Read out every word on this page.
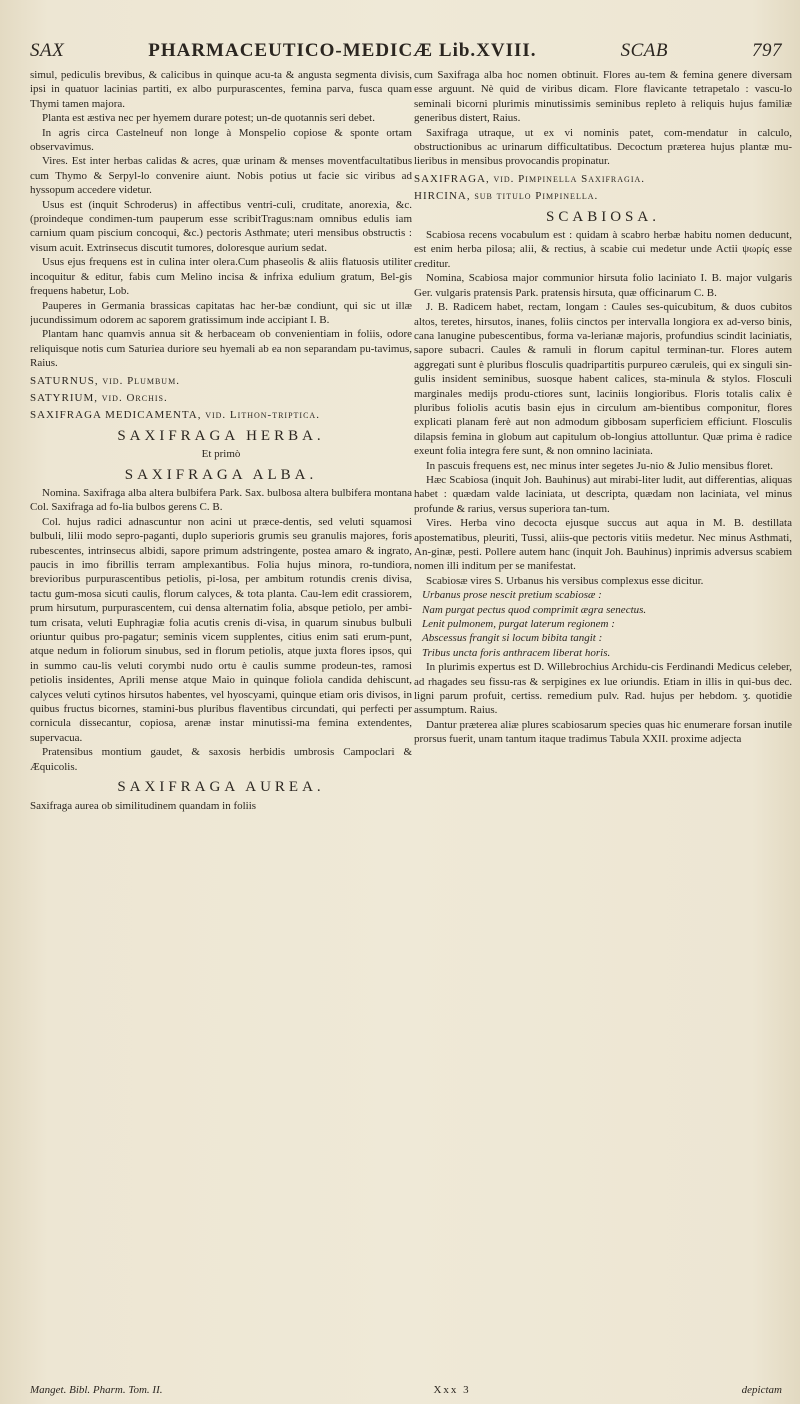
SAX	PHARMACEUTICO-MEDICÆ Lib.XVIII.	SCAB	797

simul, pediculis brevibus, & calicibus in quinque acu-ta & angusta segmenta divisis, ipsi in quatuor lacinias partiti, ex albo purpurascentes, femina parva, fusca quam Thymi tamen majora.

Planta est æstiva nec per hyemem durare potest; un-de quotannis seri debet.

In agris circa Castelneuf non longe à Monspelio copiose & sponte ortam observavimus.

Vires. Est inter herbas calidas & acres, quæ urinam & menses moventfacultatibus cum Thymo & Serpyl-lo convenire aiunt. Nobis potius ut facie sic viribus ad hyssopum accedere videtur.

Usus est (inquit Schroderus) in affectibus ventri-culi, cruditate, anorexia, &c. (proindeque condimen-tum pauperum esse scribitTragus:nam omnibus edulis iam carnium quam piscium concoqui, &c.) pectoris Asthmate; uteri mensibus obstructis : visum acuit. Extrinsecus discutit tumores, doloresque aurium sedat.

Usus ejus frequens est in culina inter olera.Cum phaseolis & aliis flatuosis utiliter incoquitur & editur, fabis cum Melino incisa & infrixa edulium gratum, Bel-gis frequens habetur, Lob.

Pauperes in Germania brassicas capitatas hac her-bæ condiunt, qui sic ut illæ jucundissimum odorem ac saporem gratissimum inde accipiant I. B.

Plantam hanc quamvis annua sit & herbaceam ob convenientiam in foliis, odore reliquisque notis cum Saturiea duriore seu hyemali ab ea non separandam pu-tavimus, Raius.

SATURNUS, vid. Plumbum.

SATYRIUM, vid. Orchis.

SAXIFRAGA MEDICAMENTA, vid. Lithon-triptica.

SAXIFRAGA HERBA.

Et primò

SAXIFRAGA ALBA.

Nomina. Saxifraga alba altera bulbifera Park. Sax. bulbosa altera bulbifera montana Col. Saxifraga ad fo-lia bulbos gerens C. B.

Col. hujus radici adnascuntur non acini ut præce-dentis, sed veluti squamosi bulbuli, lilii modo sepro-paganti, duplo superioris grumis seu granulis majores, foris rubescentes, intrinsecus albidi, sapore primum adstringente, postea amaro & ingrato, paucis in imo fibrillis terram amplexantibus. Folia hujus minora, ro-tundiora, brevioribus purpurascentibus petiolis, pi-losa, per ambitum rotundis crenis divisa, tactu gum-mosa sicuti caulis, florum calyces, & tota planta. Cau-lem edit crassiorem, prum hirsutum, purpurascentem, cui densa alternatim folia, absque petiolo, per ambi-tum crisata, veluti Euphragiæ folia acutis crenis di-visa, in quarum sinubus bulbuli oriuntur quibus pro-pagatur; seminis vicem supplentes, citius enim sati erum-punt, atque nedum in foliorum sinubus, sed in florum petiolis, atque juxta flores ipsos, qui in summo cau-lis veluti corymbi nudo ortu è caulis summe prodeun-tes, ramosi petiolis insidentes, Aprili mense atque Maio in quinque foliola candida dehiscunt, calyces veluti cytinos hirsutos habentes, vel hyoscyami, quinque etiam oris divisos, in quibus fructus bicornes, stamini-bus pluribus flaventibus circundati, qui perfecti per corniculа dissecantur, copiosa, arenæ instar minutissi-ma femina extendentes, supervacua.

Pratensibus montium gaudet, & saxosis herbidis umbrosis Campoclari & Æquicolis.

SAXIFRAGA AUREA.

Saxifraga aurea ob similitudinem quandam in foliis

cum Saxifraga alba hoc nomen obtinuit. Flores au-tem & femina genere diversam esse arguunt. Nè quid de viribus dicam. Flore flavicante tetrapetalo : vascu-lo seminali bicorni plurimis minutissimis seminibus repleto à reliquis hujus familiæ generibus distert, Raius.

Saxifraga utraque, ut ex vi nominis patet, com-mendatur in calculo, obstructionibus ac urinarum difficultatibus. Decoctum præterea hujus plantæ mu-lieribus in mensibus provocandis propinatur.

SAXIFRAGA, vid. Pimpinella Saxifragia.

HIRCINA, sub titulo Pimpinella.

SCABIOSA.

Scabiosa recens vocabulum est : quidam à scabro herbæ habitu nomen deducunt, est enim herba pilosa; alii, & rectius, à scabie cui medetur unde Actii ψωρίς esse creditur.

Nomina, Scabiosa major communior hirsuta folio laciniato I. B. major vulgaris Ger. vulgaris pratensis Park. pratensis hirsuta, quæ officinarum C. B.

J. B. Radicem habet, rectam, longam : Caules ses-quicubitum, & duos cubitos altos, teretes, hirsutos, inanes, foliis cinctos per intervalla longiora ex ad-verso binis, cana lanugine pubescentibus, forma va-lerianæ majoris, profundius scindit laciniatis, sapore subacri. Caules & ramuli in florum capitul terminan-tur. Flores autem aggregati sunt è pluribus flosculis quadripartitis purpureo cæruleis, qui ex singuli sin-gulis insident seminibus, suosque habent calices, sta-minula & stylos. Flosculi marginales medijs produ-ctiores sunt, laciniis longioribus. Floris totalis calix è pluribus foliolis acutis basin ejus in circulum am-bientibus componitur, flores explicati planam ferè aut non admodum gibbosam superficiem efficiunt. Flosculis dilapsis femina in globum aut capitulum ob-longius attolluntur. Quæ prima è radice exeunt folia integra fere sunt, & non omnino laciniata.

In pascuis frequens est, nec minus inter segetes Ju-nio & Julio mensibus floret.

Hæc Scabiosa (inquit Joh. Bauhinus) aut mirabi-liter ludit, aut differentias, aliquas habet : quædam valde laciniata, ut descripta, quædam non laciniata, vel minus profunde & rarius, versus superiora tan-tum.

Vires. Herba vino decocta ejusque succus aut aqua in M. B. destillata apostematibus, pleuriti, Tussi, aliis-que pectoris vitiis medetur. Nec minus Asthmati, An-ginæ, pesti. Pollere autem hanc (inquit Joh. Bauhinus) inprimis adversus scabiem nomen illi inditum per se manifestat.

Scabiosæ vires S. Urbanus his versibus complexus esse dicitur.

Urbanus prose nescit pretium scabiosæ :

Nam purgat pectus quod comprimit ægra senectus.

Lenit pulmonem, purgat laterum regionem :

Abscessus frangit si locum bibita tangit :

Tribus uncta foris anthracem liberat horis.

In plurimis expertus est D. Willebrochius Archidu-cis Ferdinandi Medicus celeber, ad rhagades seu fissu-ras & serpigines ex lue oriundis. Etiam in illis in qui-bus dec. ligni parum profuit, certiss. remedium pulv. Rad. hujus per hebdom. ʒ. quotidie assumptum. Raius.

Dantur præterea aliæ plures scabiosarum species quas hic enumerare forsan inutile prorsus fuerit, unam tantum itaque tradimus Tabula XXII. proxime adjecta

Manget. Bibl. Pharm. Tom. II.	Xxx 3	depictam
